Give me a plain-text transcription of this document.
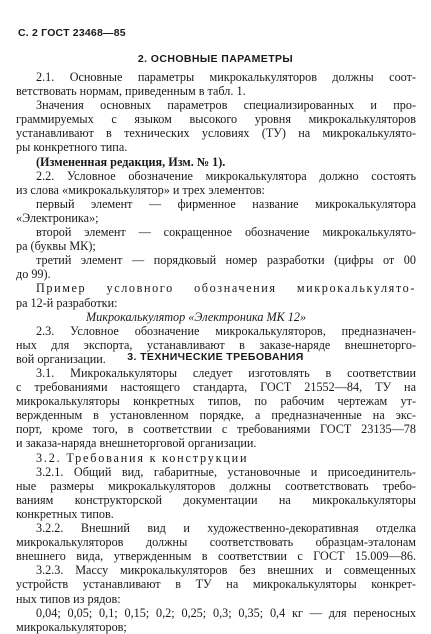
С. 2 ГОСТ 23468—85
2. ОСНОВНЫЕ ПАРАМЕТРЫ
2.1. Основные параметры микрокалькуляторов должны соот-
ветствовать нормам, приведенным в табл. 1.
Значения основных параметров специализированных и про-
граммируемых с языком высокого уровня микрокалькуляторов
устанавливают в технических условиях (ТУ) на микрокалькулято-
ры конкретного типа.
(Измененная редакция, Изм. № 1).
2.2. Условное обозначение микрокалькулятора должно состоять
из слова «микрокалькулятор» и трех элементов:
первый элемент — фирменное название микрокалькулятора
«Электроника»;
второй элемент — сокращенное обозначение микрокалькулято-
ра (буквы МК);
третий элемент — порядковый номер разработки (цифры от 00
до 99).
Пример условного обозначения микрокалькулято-
ра 12-й разработки:
Микрокалькулятор «Электроника МК 12»
2.3. Условное обозначение микрокалькуляторов, предназначен-
ных для экспорта, устанавливают в заказе-наряде внешнеторго-
вой организации.	3. ТЕХНИЧЕСКИЕ ТРЕБОВАНИЯ
3.1. Микрокалькуляторы следует изготовлять в соответствии
с требованиями настоящего стандарта, ГОСТ 21552—84, ТУ на
микрокалькуляторы конкретных типов, по рабочим чертежам ут-
вержденным в установленном порядке, а предназначенные на экс-
порт, кроме того, в соответствии с требованиями ГОСТ 23135—78
и заказа-наряда внешнеторговой организации.
3.2. Требования к конструкции
3.2.1. Общий вид, габаритные, установочные и присоединитель-
ные размеры микрокалькуляторов должны соответствовать требо-
ваниям конструкторской документации на микрокалькуляторы
конкретных типов.
3.2.2. Внешний вид и художественно-декоративная отделка
микрокалькуляторов должны соответствовать образцам-эталонам
внешнего вида, утвержденным в соответствии с ГОСТ 15.009—86.
3.2.3. Массу микрокалькуляторов без внешних и совмещенных
устройств устанавливают в ТУ на микрокалькуляторы конкрет-
ных типов из рядов:
0,04; 0,05; 0,1; 0,15; 0,2; 0,25; 0,3; 0,35; 0,4 кг — для переносных
микрокалькуляторов;
